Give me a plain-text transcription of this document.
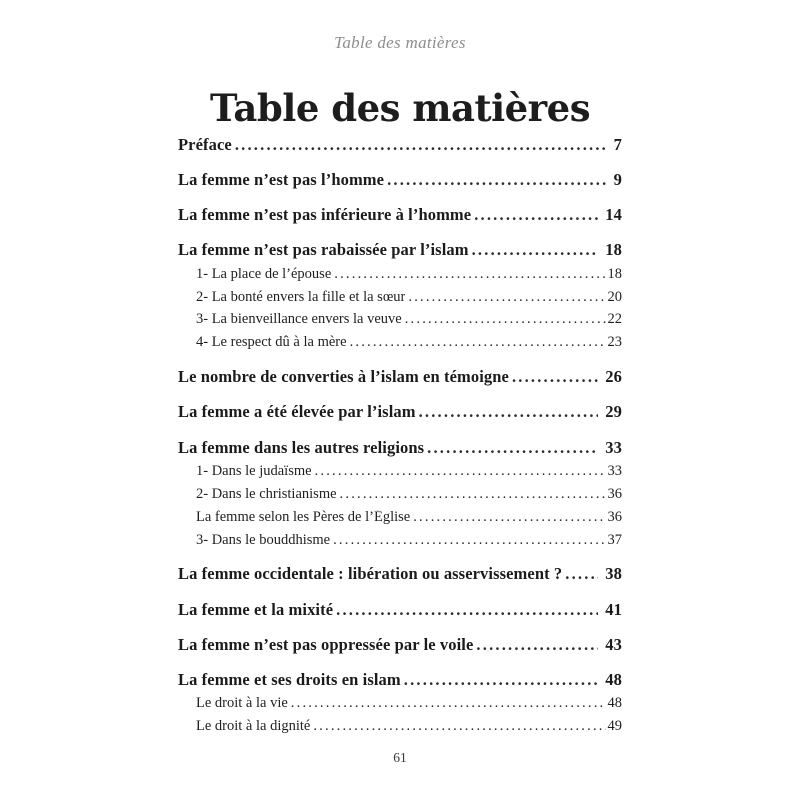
Table des matières
Table des matières
Préface .....	7
La femme n’est pas l’homme .....	9
La femme n’est pas inférieure à l’homme .....	14
La femme n’est pas rabaissée par l’islam .....	18
1- La place de l’épouse .....	18
2- La bonté envers la fille et la sœur .....	20
3- La bienveillance envers la veuve .....	22
4- Le respect dû à la mère .....	23
Le nombre de converties à l’islam en témoigne .....	26
La femme a été élevée par l’islam .....	29
La femme dans les autres religions .....	33
1- Dans le judaïsme .....	33
2- Dans le christianisme .....	36
La femme selon les Pères de l’Église .....	36
3- Dans le bouddhisme .....	37
La femme occidentale : libération ou asservissement ? .....	38
La femme et la mixité .....	41
La femme n’est pas oppressée par le voile .....	43
La femme et ses droits en islam .....	48
Le droit à la vie .....	48
Le droit à la dignité .....	49
61
